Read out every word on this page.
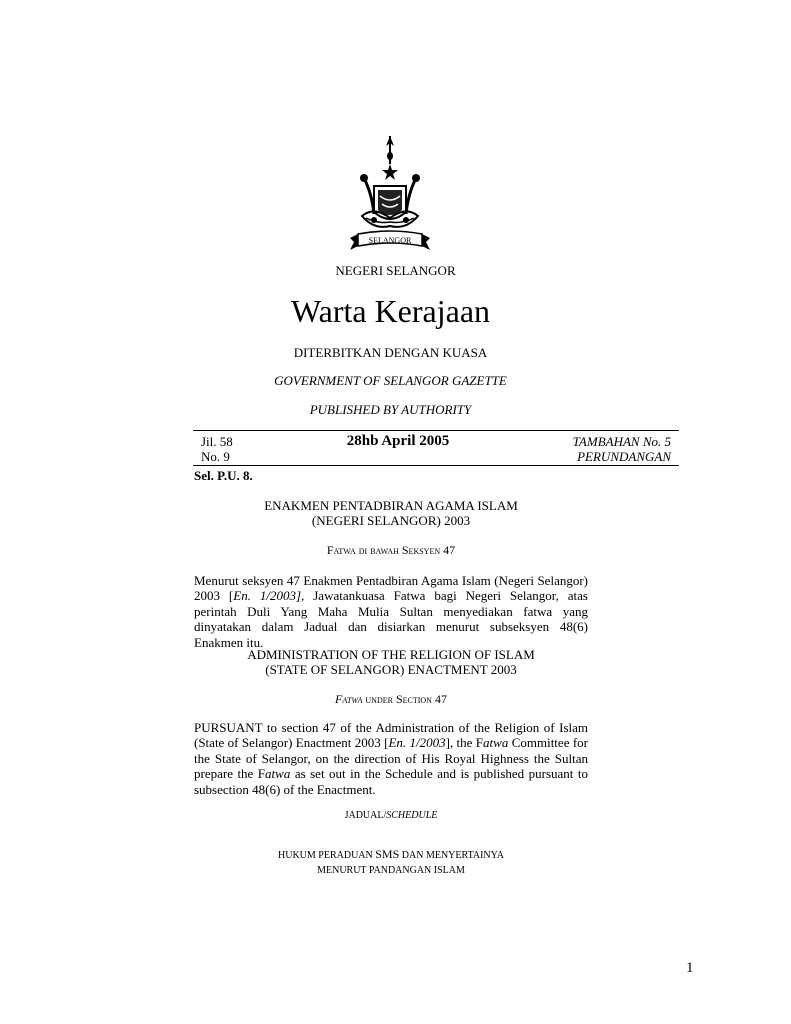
SELANGOR
NEGERI SELANGOR
Warta Kerajaan
DITERBITKAN DENGAN KUASA
GOVERNMENT OF SELANGOR GAZETTE
PUBLISHED BY AUTHORITY
Jil. 58
No. 9
28hb April 2005	TAMBAHAN No. 5
PERUNDANGAN
Sel. P.U. 8.
ENAKMEN PENTADBIRAN AGAMA ISLAM
(NEGERI SELANGOR) 2003
Fatwa di bawah Seksyen 47
Menurut seksyen 47 Enakmen Pentadbiran Agama Islam (Negeri Selangor) 2003 [En. 1/2003], Jawatankuasa Fatwa bagi Negeri Selangor, atas perintah Duli Yang Maha Mulia Sultan menyediakan fatwa yang dinyatakan dalam Jadual dan disiarkan menurut subseksyen 48(6) Enakmen itu.
ADMINISTRATION OF THE RELIGION OF ISLAM
(STATE OF SELANGOR) ENACTMENT 2003
Fatwa under Section 47
PURSUANT to section 47 of the Administration of the Religion of Islam (State of Selangor) Enactment 2003 [En. 1/2003], the Fatwa Committee for the State of Selangor, on the direction of His Royal Highness the Sultan prepare the Fatwa as set out in the Schedule and is published pursuant to subsection 48(6) of the Enactment.
JADUAL/SCHEDULE
HUKUM PERADUAN SMS DAN MENYERTAINYA
MENURUT PANDANGAN ISLAM
1
